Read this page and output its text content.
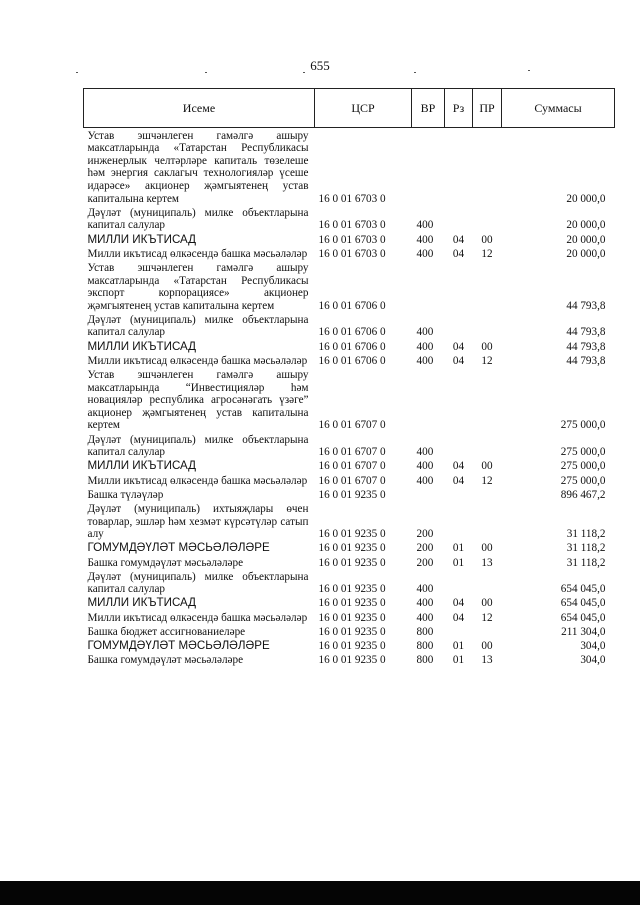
655
Исеме	ЦСР	ВР	Рз	ПР	Суммасы
Устав эшчәнлеген гамәлгә ашыру максатларында «Татарстан Республикасы инженерлык челтәрләре капиталь төзелеше һәм энергия саклагыч технологияләр үсеше идарәсе» акционер җәмгыятенең устав капиталына кертем	16 0 01 6703 0				20 000,0
Дәүләт (муниципаль) милке объектларына капитал салулар	16 0 01 6703 0	400			20 000,0
МИЛЛИ ИКЪТИСАД	16 0 01 6703 0	400	04	00	20 000,0
Милли икътисад өлкәсендә башка мәсьәләләр	16 0 01 6703 0	400	04	12	20 000,0
Устав эшчәнлеген гамәлгә ашыру максатларында «Татарстан Республикасы экспорт корпорациясе» акционер җәмгыятенең устав капиталына кертем	16 0 01 6706 0				44 793,8
Дәүләт (муниципаль) милке объектларына капитал салулар	16 0 01 6706 0	400			44 793,8
МИЛЛИ ИКЪТИСАД	16 0 01 6706 0	400	04	00	44 793,8
Милли икътисад өлкәсендә башка мәсьәләләр	16 0 01 6706 0	400	04	12	44 793,8
Устав эшчәнлеген гамәлгә ашыру максатларында “Инвестицияләр һәм новацияләр республика агросәнәгать үзәге” акционер җәмгыятенең устав капиталына кертем	16 0 01 6707 0				275 000,0
Дәүләт (муниципаль) милке объектларына капитал салулар	16 0 01 6707 0	400			275 000,0
МИЛЛИ ИКЪТИСАД	16 0 01 6707 0	400	04	00	275 000,0
Милли икътисад өлкәсендә башка мәсьәләләр	16 0 01 6707 0	400	04	12	275 000,0
Башка түләүләр	16 0 01 9235 0				896 467,2
Дәүләт (муниципаль) ихтыяҗлары өчен товарлар, эшләр һәм хезмәт күрсәтүләр сатып алу	16 0 01 9235 0	200			31 118,2
ГОМУМДӘҮЛӘТ МӘСЬӘЛӘЛӘРЕ	16 0 01 9235 0	200	01	00	31 118,2
Башка гомумдәүләт мәсьәләләре	16 0 01 9235 0	200	01	13	31 118,2
Дәүләт (муниципаль) милке объектларына капитал салулар	16 0 01 9235 0	400			654 045,0
МИЛЛИ ИКЪТИСАД	16 0 01 9235 0	400	04	00	654 045,0
Милли икътисад өлкәсендә башка мәсьәләләр	16 0 01 9235 0	400	04	12	654 045,0
Башка бюджет ассигнованиеләре	16 0 01 9235 0	800			211 304,0
ГОМУМДӘҮЛӘТ МӘСЬӘЛӘЛӘРЕ	16 0 01 9235 0	800	01	00	304,0
Башка гомумдәүләт мәсьәләләре	16 0 01 9235 0	800	01	13	304,0
